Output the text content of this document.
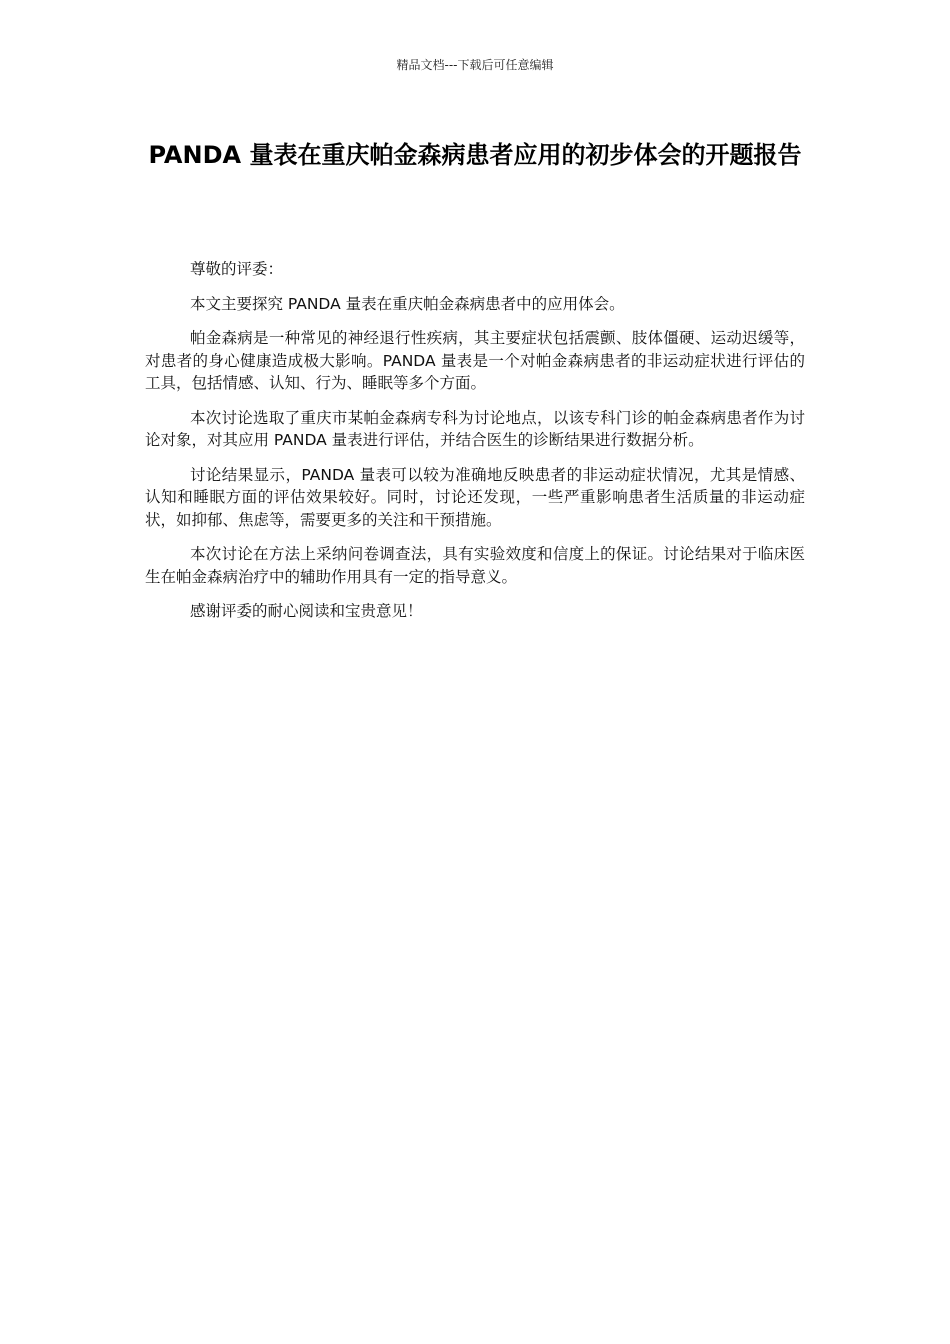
精品文档---下载后可任意编辑
PANDA 量表在重庆帕金森病患者应用的初步体会的开题报告

尊敬的评委：

本文主要探究 PANDA 量表在重庆帕金森病患者中的应用体会。

帕金森病是一种常见的神经退行性疾病，其主要症状包括震颤、肢体僵硬、运动迟缓等，对患者的身心健康造成极大影响。PANDA 量表是一个对帕金森病患者的非运动症状进行评估的工具，包括情感、认知、行为、睡眠等多个方面。

本次讨论选取了重庆市某帕金森病专科为讨论地点，以该专科门诊的帕金森病患者作为讨论对象，对其应用 PANDA 量表进行评估，并结合医生的诊断结果进行数据分析。

讨论结果显示，PANDA 量表可以较为准确地反映患者的非运动症状情况，尤其是情感、认知和睡眠方面的评估效果较好。同时，讨论还发现，一些严重影响患者生活质量的非运动症状，如抑郁、焦虑等，需要更多的关注和干预措施。

本次讨论在方法上采纳问卷调查法，具有实验效度和信度上的保证。讨论结果对于临床医生在帕金森病治疗中的辅助作用具有一定的指导意义。

感谢评委的耐心阅读和宝贵意见！
